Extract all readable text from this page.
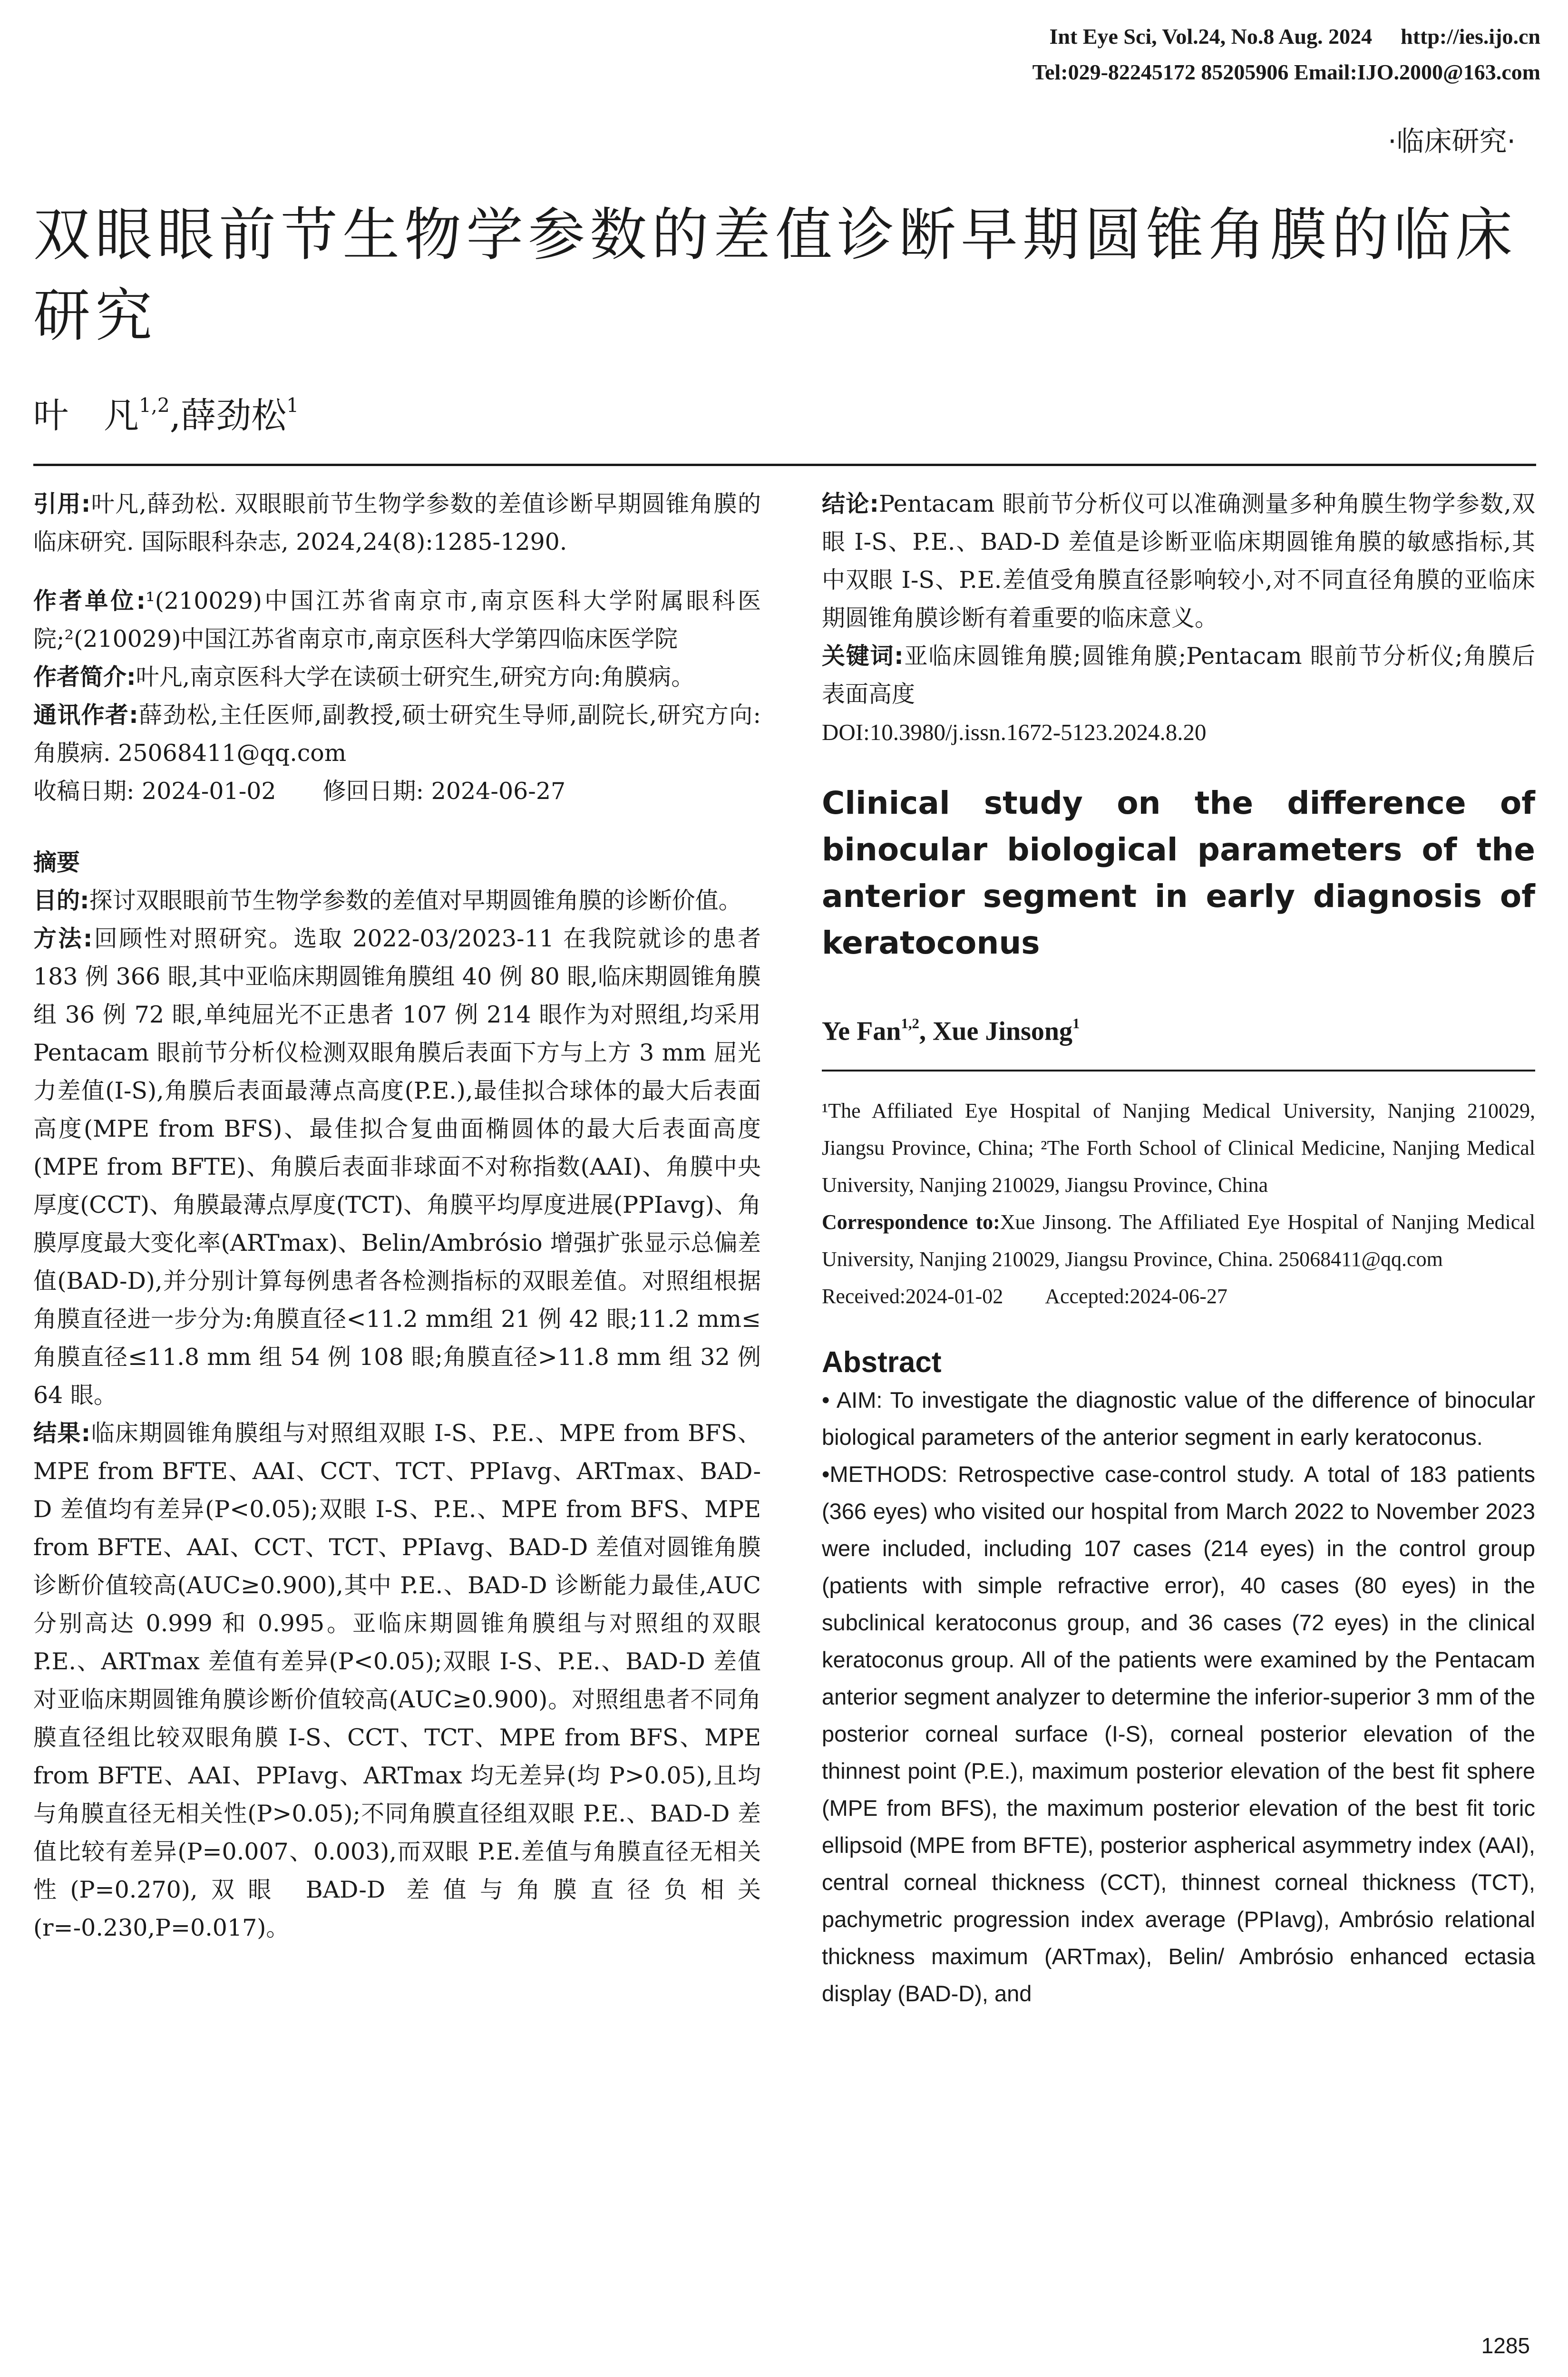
Int Eye Sci, Vol.24, No.8 Aug. 2024 http://ies.ijo.cn
Tel:029-82245172 85205906 Email:IJO.2000@163.com
·临床研究·
双眼眼前节生物学参数的差值诊断早期圆锥角膜的临床研究
叶　凡$^{1,2}$,薛劲松$^1$

引用:叶凡,薛劲松. 双眼眼前节生物学参数的差值诊断早期圆锥角膜的临床研究. 国际眼科杂志, 2024,24(8):1285-1290.

作者单位:¹(210029)中国江苏省南京市,南京医科大学附属眼科医院;²(210029)中国江苏省南京市,南京医科大学第四临床医学院

作者简介:叶凡,南京医科大学在读硕士研究生,研究方向:角膜病。

通讯作者:薛劲松,主任医师,副教授,硕士研究生导师,副院长,研究方向:角膜病. 25068411@qq.com

收稿日期: 2024-01-02　　修回日期: 2024-06-27

摘要

目的:探讨双眼眼前节生物学参数的差值对早期圆锥角膜的诊断价值。

方法:回顾性对照研究。选取 2022-03/2023-11 在我院就诊的患者 183 例 366 眼,其中亚临床期圆锥角膜组 40 例 80 眼,临床期圆锥角膜组 36 例 72 眼,单纯屈光不正患者 107 例 214 眼作为对照组,均采用 Pentacam 眼前节分析仪检测双眼角膜后表面下方与上方 3 mm 屈光力差值(I-S),角膜后表面最薄点高度(P.E.),最佳拟合球体的最大后表面高度(MPE from BFS)、最佳拟合复曲面椭圆体的最大后表面高度(MPE from BFTE)、角膜后表面非球面不对称指数(AAI)、角膜中央厚度(CCT)、角膜最薄点厚度(TCT)、角膜平均厚度进展(PPIavg)、角膜厚度最大变化率(ARTmax)、Belin/Ambrósio 增强扩张显示总偏差值(BAD-D),并分别计算每例患者各检测指标的双眼差值。对照组根据角膜直径进一步分为:角膜直径<11.2 mm组 21 例 42 眼;11.2 mm≤角膜直径≤11.8 mm 组 54 例 108 眼;角膜直径>11.8 mm 组 32 例 64 眼。

结果:临床期圆锥角膜组与对照组双眼 I-S、P.E.、MPE from BFS、MPE from BFTE、AAI、CCT、TCT、PPIavg、ARTmax、BAD-D 差值均有差异(P<0.05);双眼 I-S、P.E.、MPE from BFS、MPE from BFTE、AAI、CCT、TCT、PPIavg、BAD-D 差值对圆锥角膜诊断价值较高(AUC≥0.900),其中 P.E.、BAD-D 诊断能力最佳,AUC 分别高达 0.999 和 0.995。亚临床期圆锥角膜组与对照组的双眼 P.E.、ARTmax 差值有差异(P<0.05);双眼 I-S、P.E.、BAD-D 差值对亚临床期圆锥角膜诊断价值较高(AUC≥0.900)。对照组患者不同角膜直径组比较双眼角膜 I-S、CCT、TCT、MPE from BFS、MPE from BFTE、AAI、PPIavg、ARTmax 均无差异(均 P>0.05),且均与角膜直径无相关性(P>0.05);不同角膜直径组双眼 P.E.、BAD-D 差值比较有差异(P=0.007、0.003),而双眼 P.E.差值与角膜直径无相关性(P=0.270),双眼 BAD-D 差值与角膜直径负相关(r=-0.230,P=0.017)。

结论:Pentacam 眼前节分析仪可以准确测量多种角膜生物学参数,双眼 I-S、P.E.、BAD-D 差值是诊断亚临床期圆锥角膜的敏感指标,其中双眼 I-S、P.E.差值受角膜直径影响较小,对不同直径角膜的亚临床期圆锥角膜诊断有着重要的临床意义。

关键词:亚临床圆锥角膜;圆锥角膜;Pentacam 眼前节分析仪;角膜后表面高度

DOI:10.3980/j.issn.1672-5123.2024.8.20

Clinical study on the difference of binocular biological parameters of the anterior segment in early diagnosis of keratoconus
Ye Fan$^{1,2}$, Xue Jinsong$^1$
¹The Affiliated Eye Hospital of Nanjing Medical University, Nanjing 210029, Jiangsu Province, China; ²The Forth School of Clinical Medicine, Nanjing Medical University, Nanjing 210029, Jiangsu Province, China
Correspondence to:Xue Jinsong. The Affiliated Eye Hospital of Nanjing Medical University, Nanjing 210029, Jiangsu Province, China. 25068411@qq.com
Received:2024-01-02　　Accepted:2024-06-27
Abstract
• AIM: To investigate the diagnostic value of the difference of binocular biological parameters of the anterior segment in early keratoconus.
•METHODS: Retrospective case-control study. A total of 183 patients (366 eyes) who visited our hospital from March 2022 to November 2023 were included, including 107 cases (214 eyes) in the control group (patients with simple refractive error), 40 cases (80 eyes) in the subclinical keratoconus group, and 36 cases (72 eyes) in the clinical keratoconus group. All of the patients were examined by the Pentacam anterior segment analyzer to determine the inferior-superior 3 mm of the posterior corneal surface (I-S), corneal posterior elevation of the thinnest point (P.E.), maximum posterior elevation of the best fit sphere (MPE from BFS), the maximum posterior elevation of the best fit toric ellipsoid (MPE from BFTE), posterior aspherical asymmetry index (AAI), central corneal thickness (CCT), thinnest corneal thickness (TCT), pachymetric progression index average (PPIavg), Ambrósio relational thickness maximum (ARTmax), Belin/ Ambrósio enhanced ectasia display (BAD-D), and
1285
